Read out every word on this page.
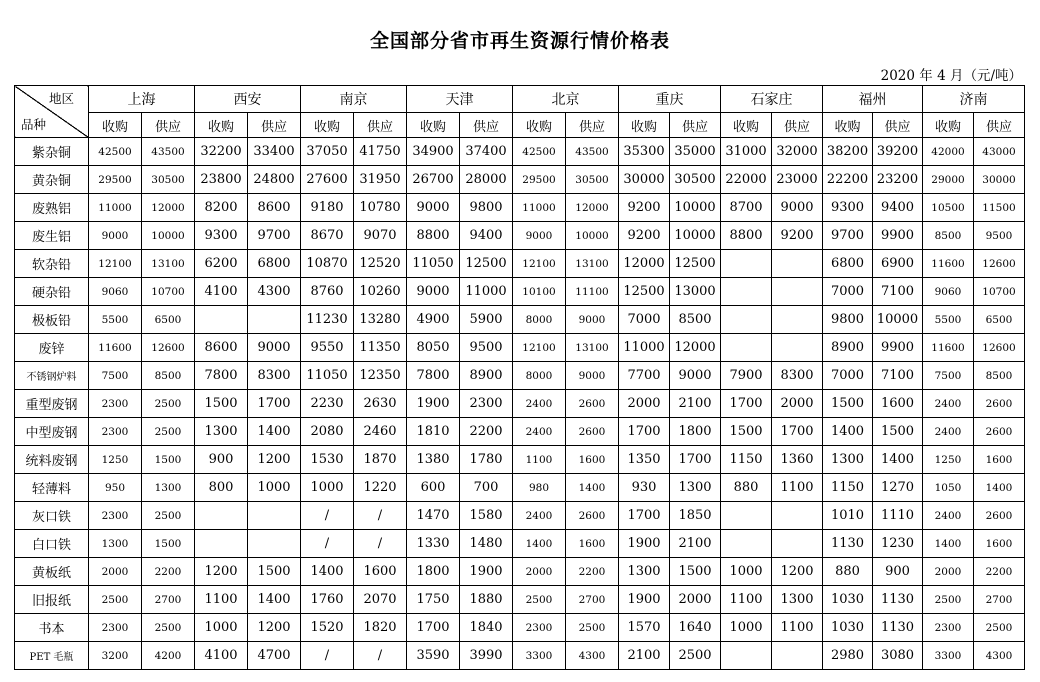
全国部分省市再生资源行情价格表
2020 年 4 月（元/吨）
地区
品种	上海		西安		南京		天津		北京		重庆		石家庄		福州		济南	
	收购	供应	收购	供应	收购	供应	收购	供应	收购	供应	收购	供应	收购	供应	收购	供应	收购	供应
紫杂铜	42500	43500	32200	33400	37050	41750	34900	37400	42500	43500	35300	35000	31000	32000	38200	39200	42000	43000
黄杂铜	29500	30500	23800	24800	27600	31950	26700	28000	29500	30500	30000	30500	22000	23000	22200	23200	29000	30000
废熟铝	11000	12000	8200	8600	9180	10780	9000	9800	11000	12000	9200	10000	8700	9000	9300	9400	10500	11500
废生铝	9000	10000	9300	9700	8670	9070	8800	9400	9000	10000	9200	10000	8800	9200	9700	9900	8500	9500
软杂铅	12100	13100	6200	6800	10870	12520	11050	12500	12100	13100	12000	12500			6800	6900	11600	12600
硬杂铅	9060	10700	4100	4300	8760	10260	9000	11000	10100	11100	12500	13000			7000	7100	9060	10700
极板铅	5500	6500			11230	13280	4900	5900	8000	9000	7000	8500			9800	10000	5500	6500
废锌	11600	12600	8600	9000	9550	11350	8050	9500	12100	13100	11000	12000			8900	9900	11600	12600
不锈钢炉料	7500	8500	7800	8300	11050	12350	7800	8900	8000	9000	7700	9000	7900	8300	7000	7100	7500	8500
重型废钢	2300	2500	1500	1700	2230	2630	1900	2300	2400	2600	2000	2100	1700	2000	1500	1600	2400	2600
中型废钢	2300	2500	1300	1400	2080	2460	1810	2200	2400	2600	1700	1800	1500	1700	1400	1500	2400	2600
统料废钢	1250	1500	900	1200	1530	1870	1380	1780	1100	1600	1350	1700	1150	1360	1300	1400	1250	1600
轻薄料	950	1300	800	1000	1000	1220	600	700	980	1400	930	1300	880	1100	1150	1270	1050	1400
灰口铁	2300	2500			/	/	1470	1580	2400	2600	1700	1850			1010	1110	2400	2600
白口铁	1300	1500			/	/	1330	1480	1400	1600	1900	2100			1130	1230	1400	1600
黄板纸	2000	2200	1200	1500	1400	1600	1800	1900	2000	2200	1300	1500	1000	1200	880	900	2000	2200
旧报纸	2500	2700	1100	1400	1760	2070	1750	1880	2500	2700	1900	2000	1100	1300	1030	1130	2500	2700
书本	2300	2500	1000	1200	1520	1820	1700	1840	2300	2500	1570	1640	1000	1100	1030	1130	2300	2500
PET 毛瓶	3200	4200	4100	4700	/	/	3590	3990	3300	4300	2100	2500			2980	3080	3300	4300
